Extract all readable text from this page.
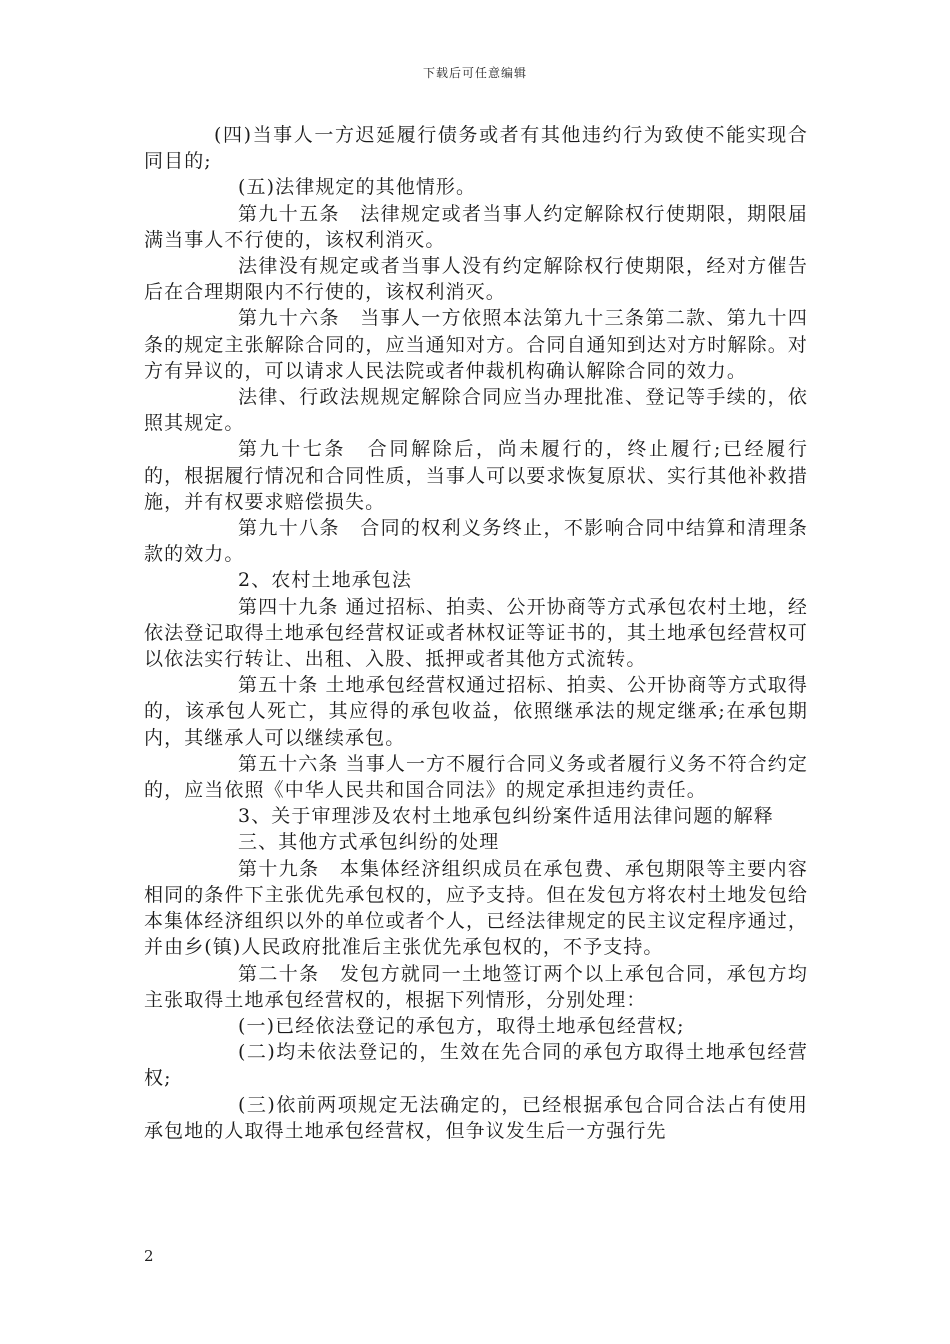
下载后可任意编辑

(四)当事人一方迟延履行债务或者有其他违约行为致使不能实现合同目的;

(五)法律规定的其他情形。

第九十五条　法律规定或者当事人约定解除权行使期限，期限届满当事人不行使的，该权利消灭。

法律没有规定或者当事人没有约定解除权行使期限，经对方催告后在合理期限内不行使的，该权利消灭。

第九十六条　当事人一方依照本法第九十三条第二款、第九十四条的规定主张解除合同的，应当通知对方。合同自通知到达对方时解除。对方有异议的，可以请求人民法院或者仲裁机构确认解除合同的效力。

法律、行政法规规定解除合同应当办理批准、登记等手续的，依照其规定。

第九十七条　合同解除后，尚未履行的，终止履行;已经履行的，根据履行情况和合同性质，当事人可以要求恢复原状、实行其他补救措施，并有权要求赔偿损失。

第九十八条　合同的权利义务终止，不影响合同中结算和清理条款的效力。

2、农村土地承包法

第四十九条 通过招标、拍卖、公开协商等方式承包农村土地，经依法登记取得土地承包经营权证或者林权证等证书的，其土地承包经营权可以依法实行转让、出租、入股、抵押或者其他方式流转。

第五十条 土地承包经营权通过招标、拍卖、公开协商等方式取得的，该承包人死亡，其应得的承包收益，依照继承法的规定继承;在承包期内，其继承人可以继续承包。

第五十六条 当事人一方不履行合同义务或者履行义务不符合约定的，应当依照《中华人民共和国合同法》的规定承担违约责任。

3、关于审理涉及农村土地承包纠纷案件适用法律问题的解释

三、其他方式承包纠纷的处理

第十九条　本集体经济组织成员在承包费、承包期限等主要内容相同的条件下主张优先承包权的，应予支持。但在发包方将农村土地发包给本集体经济组织以外的单位或者个人，已经法律规定的民主议定程序通过，并由乡(镇)人民政府批准后主张优先承包权的，不予支持。

第二十条　发包方就同一土地签订两个以上承包合同，承包方均主张取得土地承包经营权的，根据下列情形，分别处理：

(一)已经依法登记的承包方，取得土地承包经营权;

(二)均未依法登记的，生效在先合同的承包方取得土地承包经营权;

(三)依前两项规定无法确定的，已经根据承包合同合法占有使用承包地的人取得土地承包经营权，但争议发生后一方强行先

2
